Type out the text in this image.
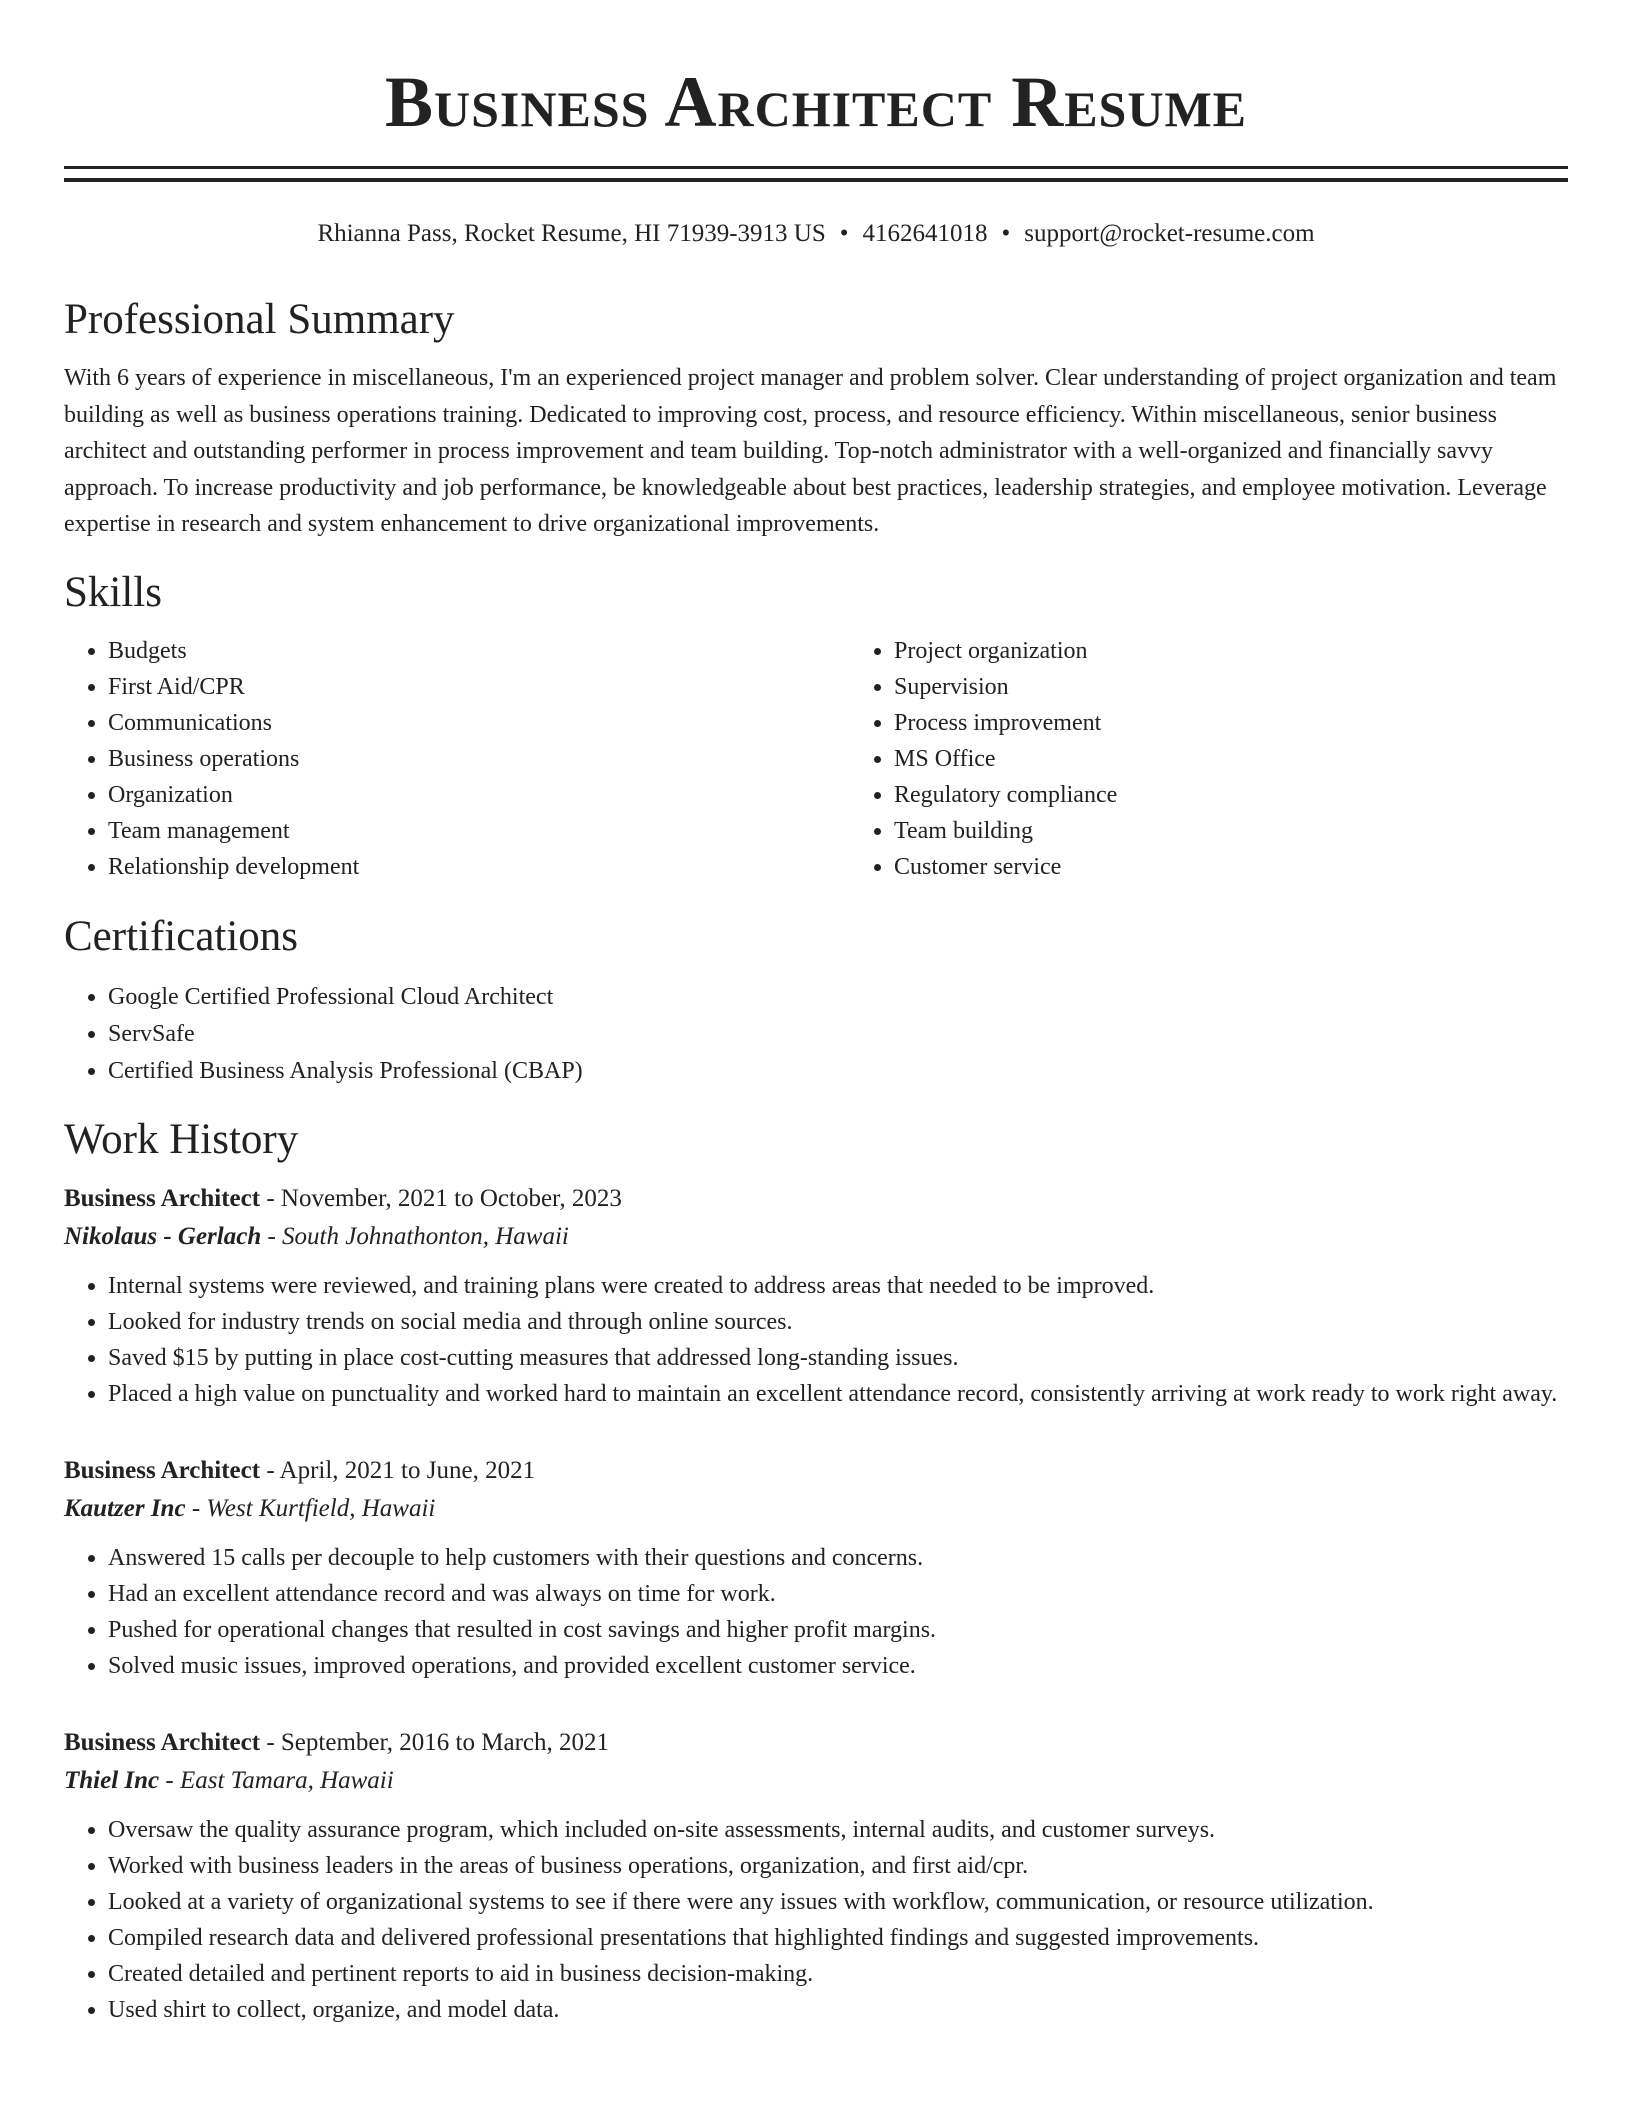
Business Architect Resume
Rhianna Pass, Rocket Resume, HI 71939-3913 US • 4162641018 • support@rocket-resume.com
Professional Summary

With 6 years of experience in miscellaneous, I'm an experienced project manager and problem solver. Clear understanding of project organization and team building as well as business operations training. Dedicated to improving cost, process, and resource efficiency. Within miscellaneous, senior business architect and outstanding performer in process improvement and team building. Top-notch administrator with a well-organized and financially savvy approach. To increase productivity and job performance, be knowledgeable about best practices, leadership strategies, and employee motivation. Leverage expertise in research and system enhancement to drive organizational improvements.

Skills
• Budgets
• First Aid/CPR
• Communications
• Business operations
• Organization
• Team management
• Relationship development
• Project organization
• Supervision
• Process improvement
• MS Office
• Regulatory compliance
• Team building
• Customer service
Certifications
• Google Certified Professional Cloud Architect
• ServSafe
• Certified Business Analysis Professional (CBAP)
Work History
Business Architect - November, 2021 to October, 2023
Nikolaus - Gerlach - South Johnathonton, Hawaii
• Internal systems were reviewed, and training plans were created to address areas that needed to be improved.
• Looked for industry trends on social media and through online sources.
• Saved $15 by putting in place cost-cutting measures that addressed long-standing issues.
• Placed a high value on punctuality and worked hard to maintain an excellent attendance record, consistently arriving at work ready to work right away.
Business Architect - April, 2021 to June, 2021
Kautzer Inc - West Kurtfield, Hawaii
• Answered 15 calls per decouple to help customers with their questions and concerns.
• Had an excellent attendance record and was always on time for work.
• Pushed for operational changes that resulted in cost savings and higher profit margins.
• Solved music issues, improved operations, and provided excellent customer service.
Business Architect - September, 2016 to March, 2021
Thiel Inc - East Tamara, Hawaii
• Oversaw the quality assurance program, which included on-site assessments, internal audits, and customer surveys.
• Worked with business leaders in the areas of business operations, organization, and first aid/cpr.
• Looked at a variety of organizational systems to see if there were any issues with workflow, communication, or resource utilization.
• Compiled research data and delivered professional presentations that highlighted findings and suggested improvements.
• Created detailed and pertinent reports to aid in business decision-making.
• Used shirt to collect, organize, and model data.
